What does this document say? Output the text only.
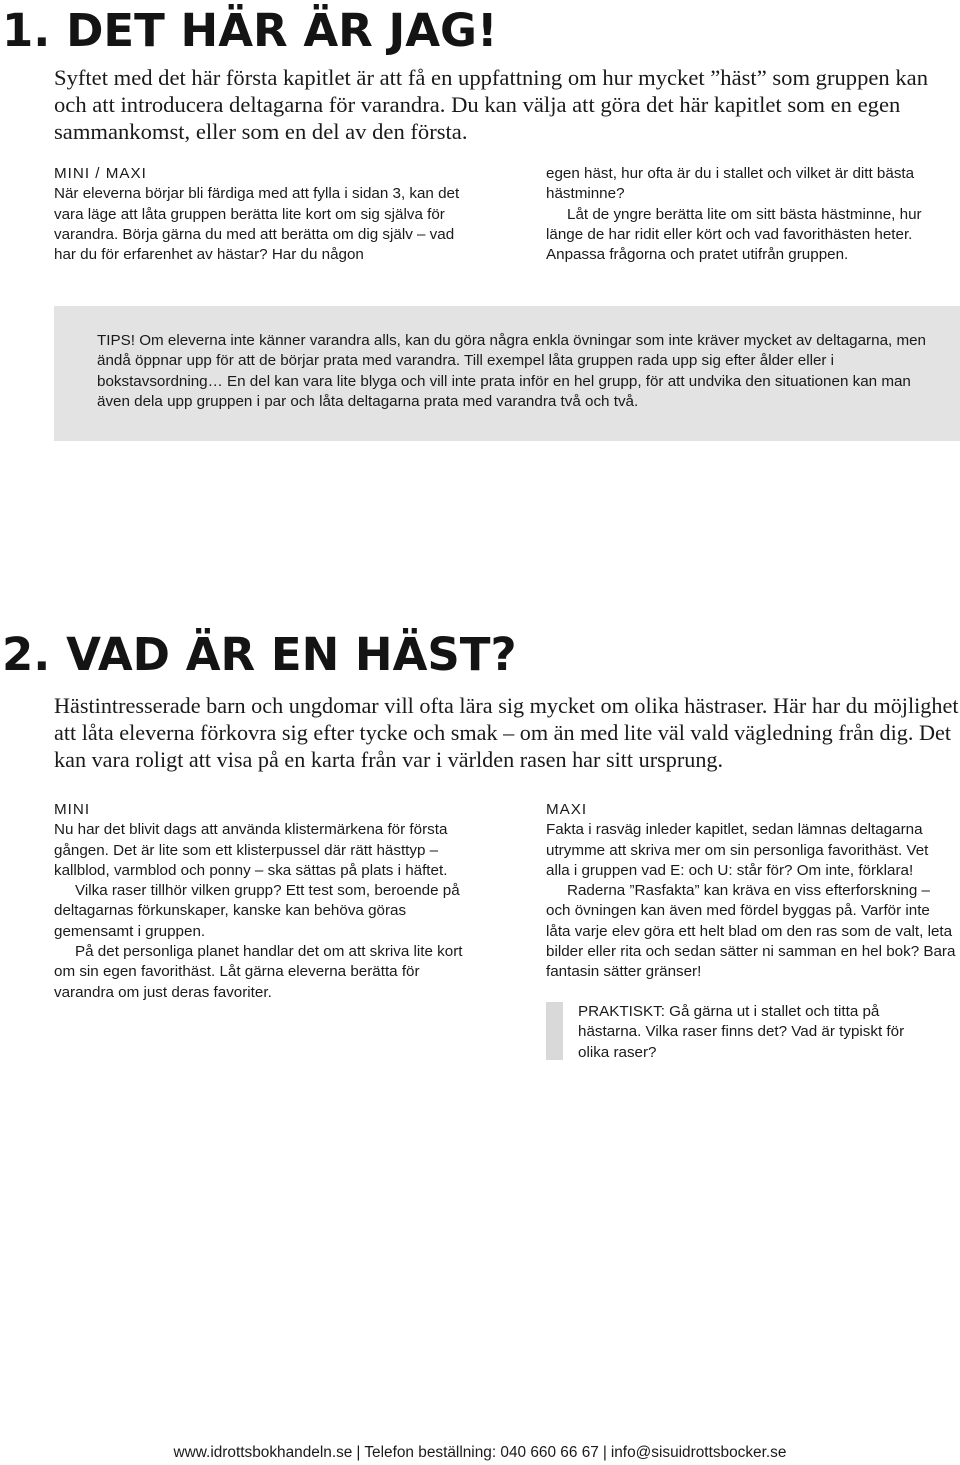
1. DET HÄR ÄR JAG!

Syftet med det här första kapitlet är att få en uppfattning om hur mycket ”häst” som gruppen kan och att introducera deltagarna för varandra. Du kan välja att göra det här kapitlet som en egen sammankomst, eller som en del av den första.

MINI / MAXI

När eleverna börjar bli färdiga med att fylla i sidan 3, kan det vara läge att låta gruppen berätta lite kort om sig själva för varandra. Börja gärna du med att berätta om dig själv – vad har du för erfarenhet av hästar? Har du någon

egen häst, hur ofta är du i stallet och vilket är ditt bästa hästminne?

Låt de yngre berätta lite om sitt bästa hästminne, hur länge de har ridit eller kört och vad favorithästen heter. Anpassa frågorna och pratet utifrån gruppen.

TIPS! Om eleverna inte känner varandra alls, kan du göra några enkla övningar som inte kräver mycket av deltagarna, men ändå öppnar upp för att de börjar prata med varandra. Till exempel låta gruppen rada upp sig efter ålder eller i bokstavsordning… En del kan vara lite blyga och vill inte prata inför en hel grupp, för att undvika den situationen kan man även dela upp gruppen i par och låta deltagarna prata med varandra två och två.

2. VAD ÄR EN HÄST?

Hästintresserade barn och ungdomar vill ofta lära sig mycket om olika hästraser. Här har du möjlighet att låta eleverna förkovra sig efter tycke och smak – om än med lite väl vald vägledning från dig. Det kan vara roligt att visa på en karta från var i världen rasen har sitt ursprung.

MINI

Nu har det blivit dags att använda klistermärkena för första gången. Det är lite som ett klisterpussel där rätt hästtyp – kallblod, varmblod och ponny – ska sättas på plats i häftet.

Vilka raser tillhör vilken grupp? Ett test som, beroende på deltagarnas förkunskaper, kanske kan behöva göras gemensamt i gruppen.

På det personliga planet handlar det om att skriva lite kort om sin egen favorithäst. Låt gärna eleverna berätta för varandra om just deras favoriter.

MAXI

Fakta i rasväg inleder kapitlet, sedan lämnas deltagarna utrymme att skriva mer om sin personliga favorithäst. Vet alla i gruppen vad E: och U: står för? Om inte, förklara!

Raderna ”Rasfakta” kan kräva en viss efterforskning – och övningen kan även med fördel byggas på. Varför inte låta varje elev göra ett helt blad om den ras som de valt, leta bilder eller rita och sedan sätter ni samman en hel bok? Bara fantasin sätter gränser!

PRAKTISKT: Gå gärna ut i stallet och titta på hästarna. Vilka raser finns det? Vad är typiskt för olika raser?

www.idrottsbokhandeln.se | Telefon beställning: 040 660 66 67 | info@sisuidrottsbocker.se
